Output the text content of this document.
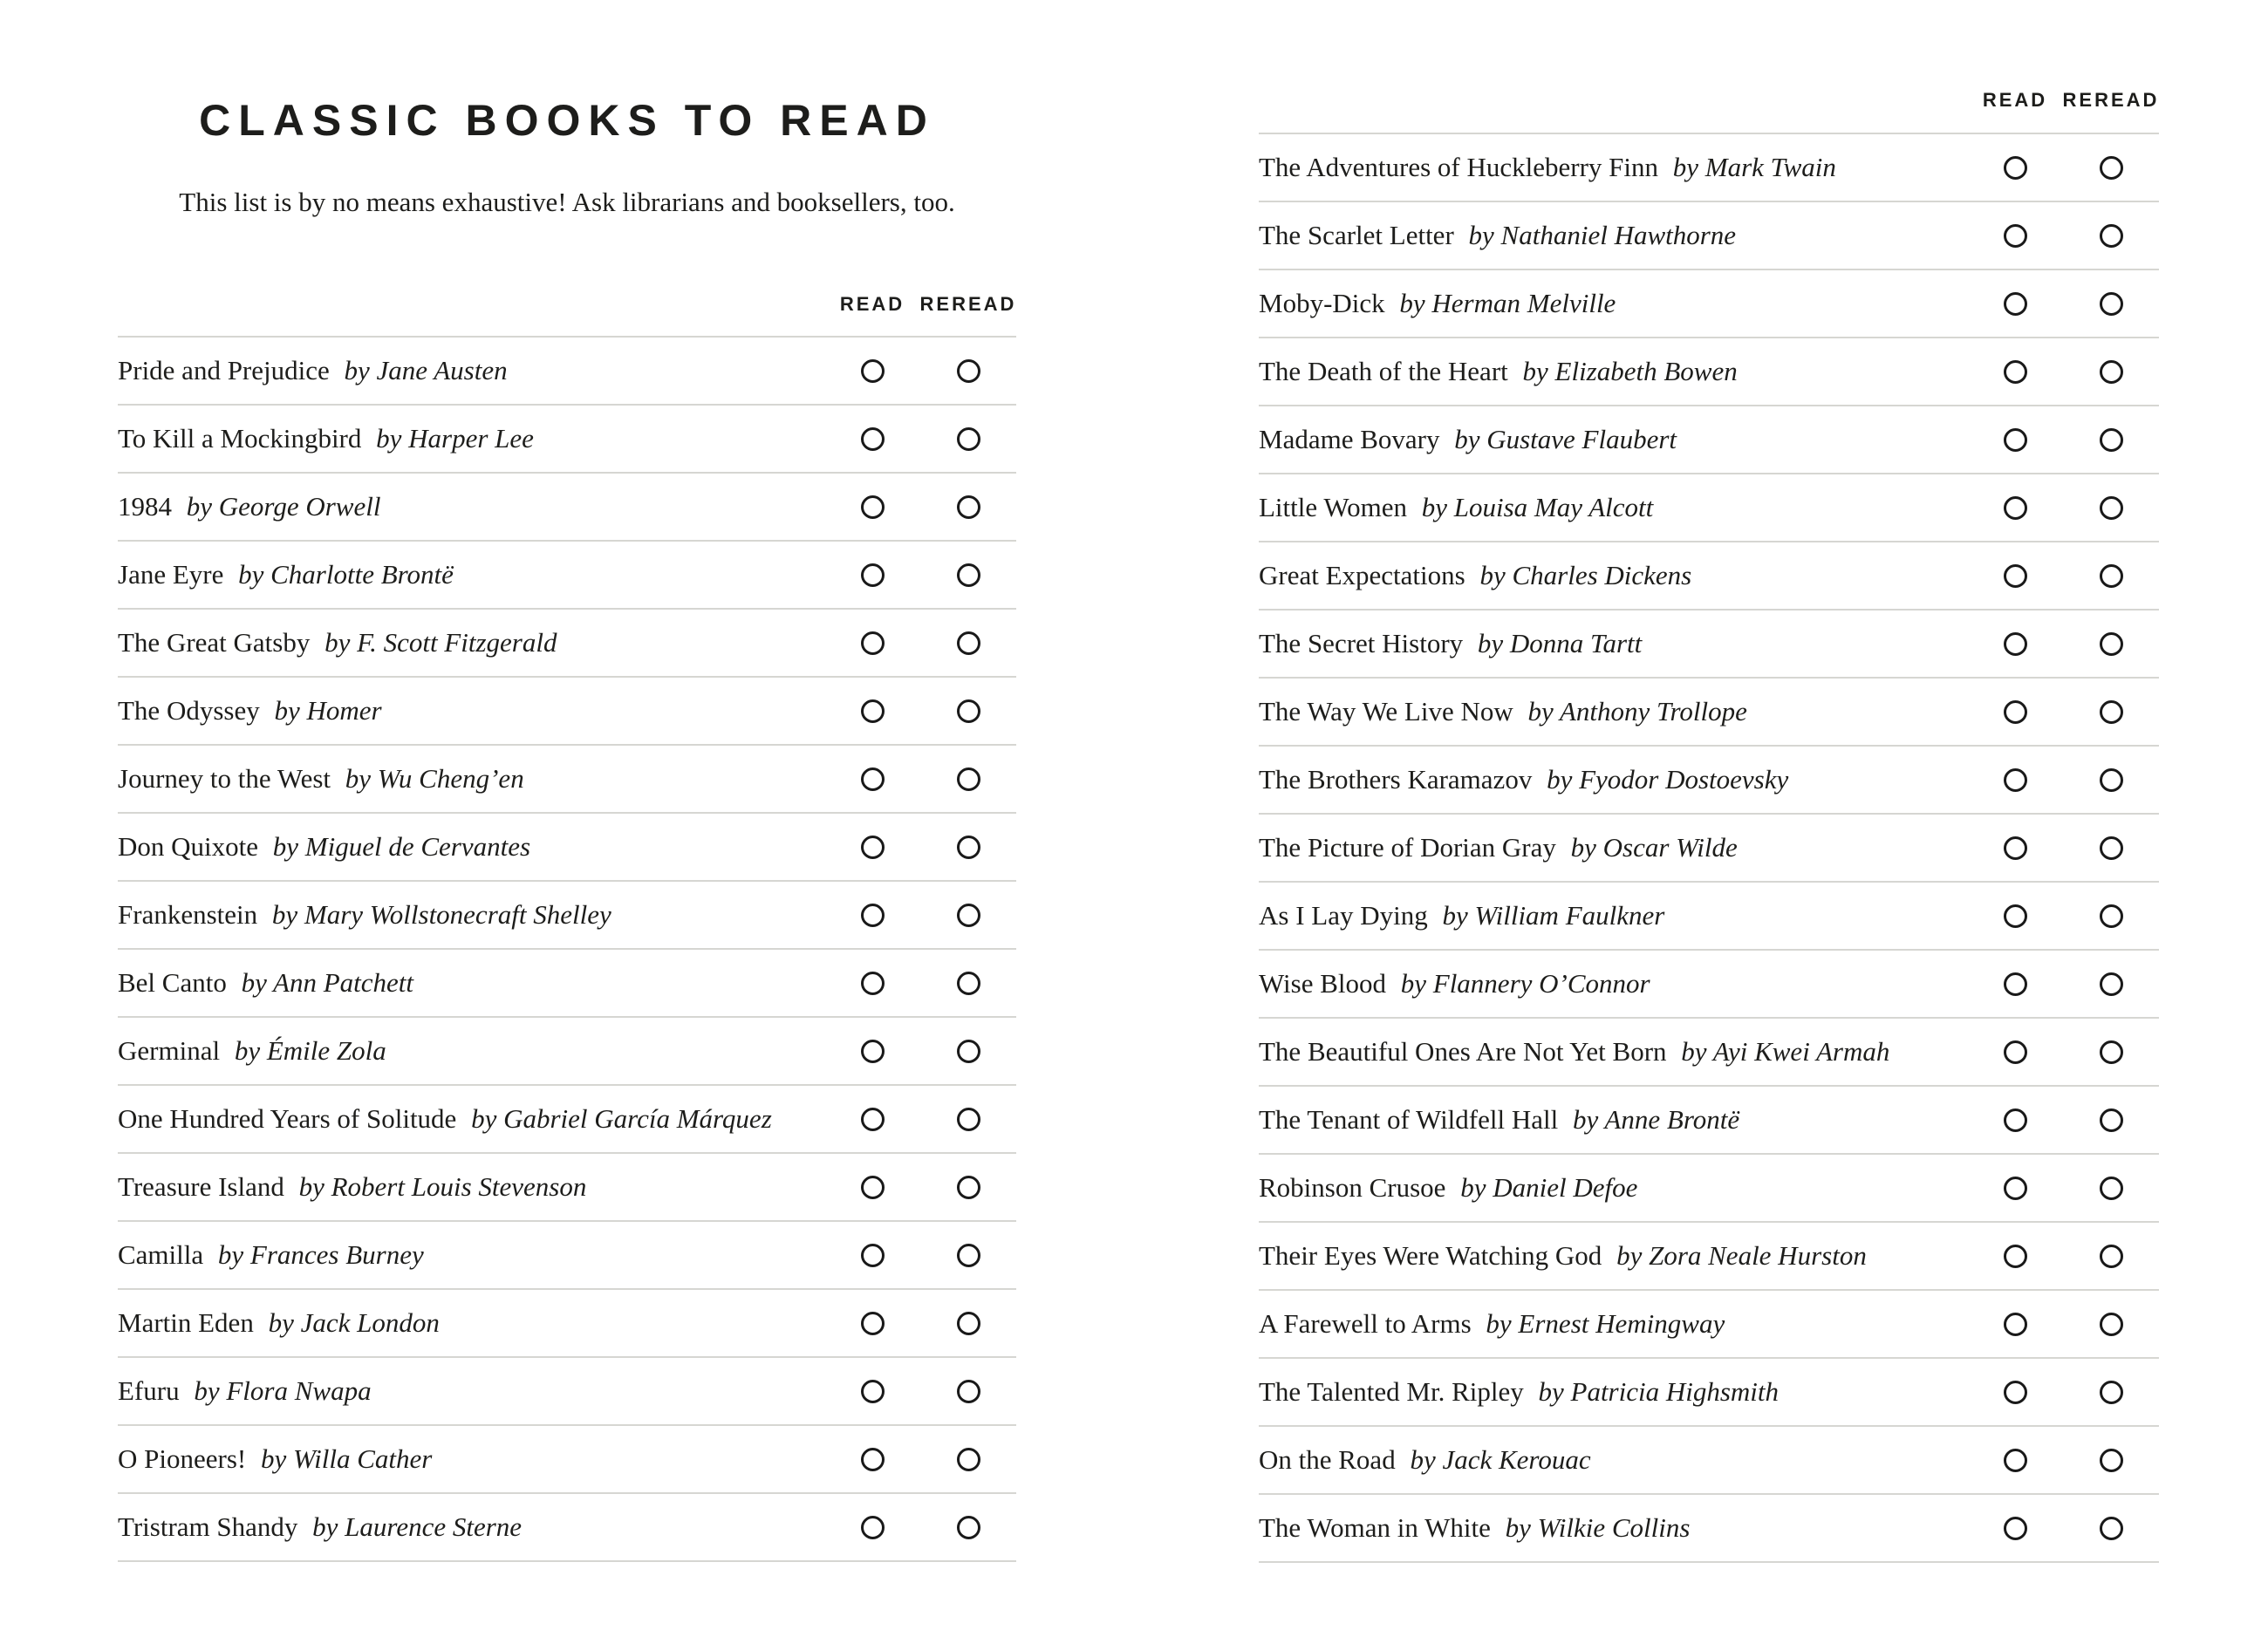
CLASSIC BOOKS TO READ

This list is by no means exhaustive! Ask librarians and booksellers, too.

READ REREAD
Pride and Prejudice by Jane Austen
To Kill a Mockingbird by Harper Lee
1984 by George Orwell
Jane Eyre by Charlotte Brontë
The Great Gatsby by F. Scott Fitzgerald
The Odyssey by Homer
Journey to the West by Wu Cheng’en
Don Quixote by Miguel de Cervantes
Frankenstein by Mary Wollstonecraft Shelley
Bel Canto by Ann Patchett
Germinal by Émile Zola
One Hundred Years of Solitude by Gabriel García Márquez
Treasure Island by Robert Louis Stevenson
Camilla by Frances Burney
Martin Eden by Jack London
Efuru by Flora Nwapa
O Pioneers! by Willa Cather
Tristram Shandy by Laurence Sterne
READ REREAD
The Adventures of Huckleberry Finn by Mark Twain
The Scarlet Letter by Nathaniel Hawthorne
Moby-Dick by Herman Melville
The Death of the Heart by Elizabeth Bowen
Madame Bovary by Gustave Flaubert
Little Women by Louisa May Alcott
Great Expectations by Charles Dickens
The Secret History by Donna Tartt
The Way We Live Now by Anthony Trollope
The Brothers Karamazov by Fyodor Dostoevsky
The Picture of Dorian Gray by Oscar Wilde
As I Lay Dying by William Faulkner
Wise Blood by Flannery O’Connor
The Beautiful Ones Are Not Yet Born by Ayi Kwei Armah
The Tenant of Wildfell Hall by Anne Brontë
Robinson Crusoe by Daniel Defoe
Their Eyes Were Watching God by Zora Neale Hurston
A Farewell to Arms by Ernest Hemingway
The Talented Mr. Ripley by Patricia Highsmith
On the Road by Jack Kerouac
The Woman in White by Wilkie Collins
